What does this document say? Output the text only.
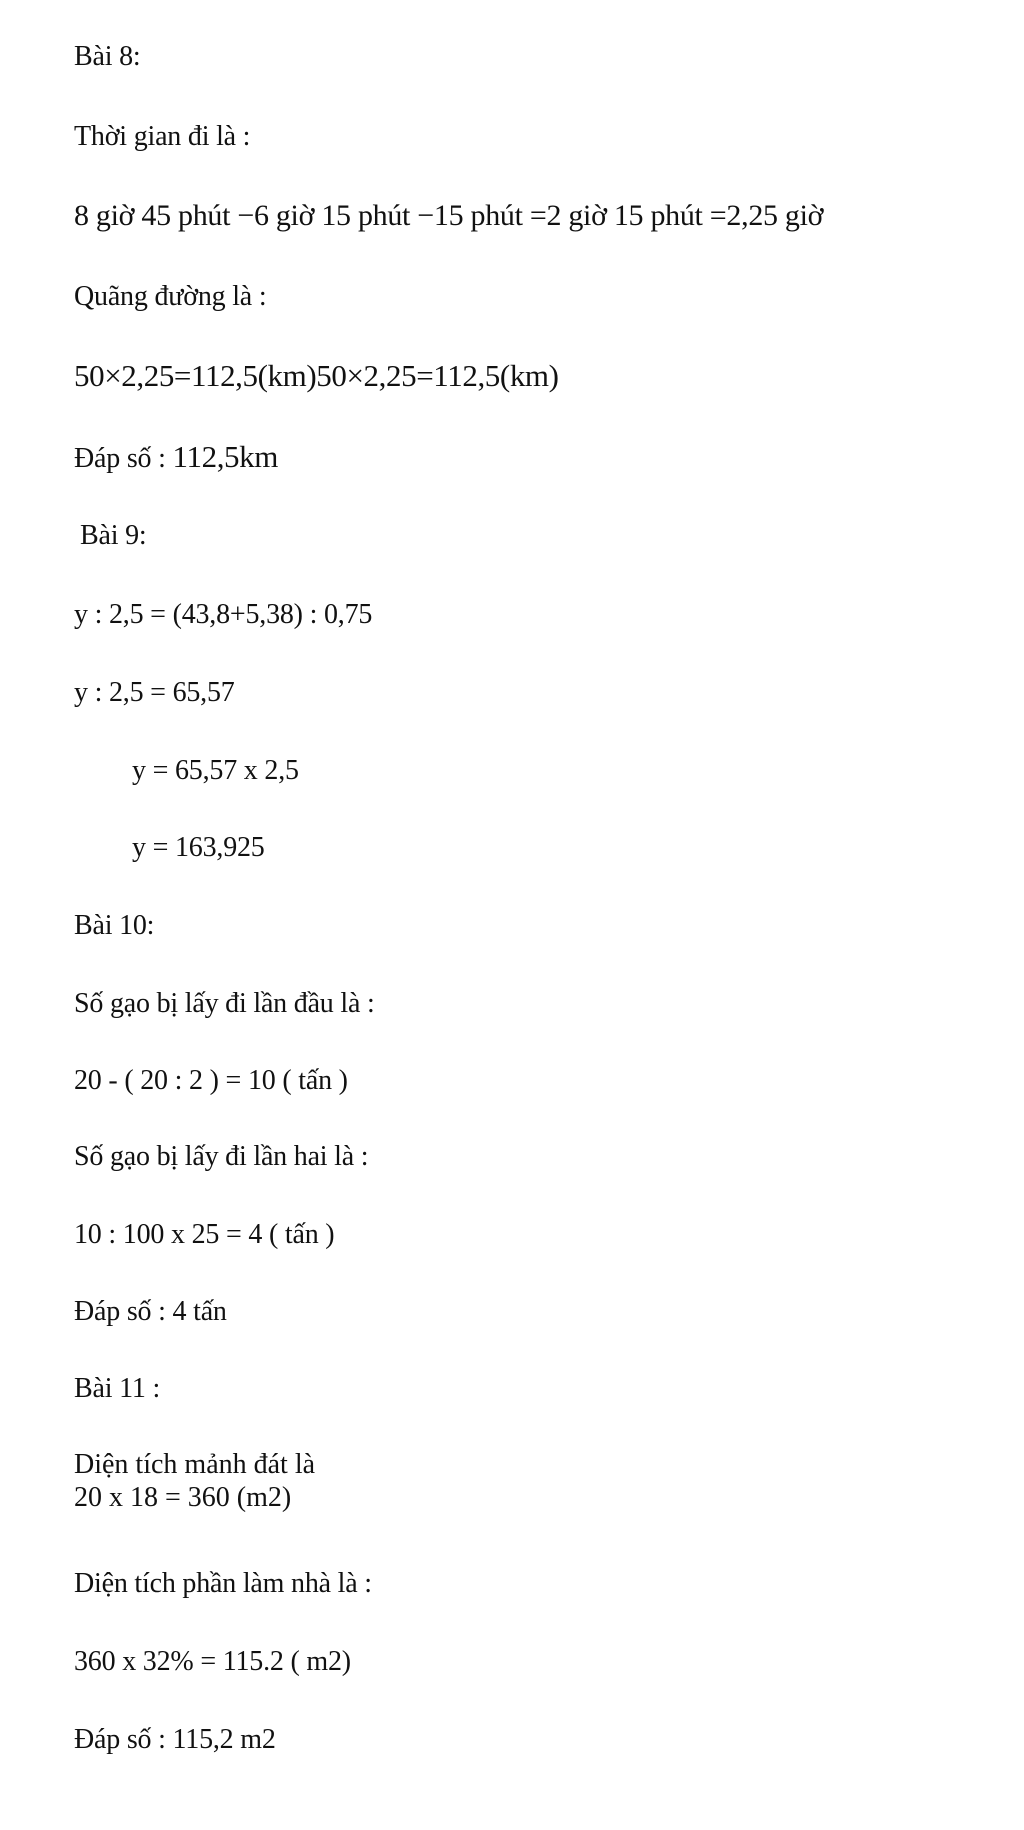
Bài 8:
Thời gian đi là :
8 giờ 45 phút −6 giờ 15 phút −15 phút =2 giờ 15 phút =2,25 giờ
Quãng đường là :
50×2,25=112,5(km)50×2,25=112,5(km)
Đáp số : 112,5km
Bài 9:
y : 2,5 = (43,8+5,38) : 0,75
y : 2,5 = 65,57
y = 65,57 x 2,5
y = 163,925
Bài 10:
Số gạo bị lấy đi lần đầu là :
20 - ( 20 : 2 ) = 10 ( tấn )
Số gạo bị lấy đi lần hai là :
10 : 100 x 25 = 4 ( tấn )
Đáp số : 4 tấn
Bài 11 :
Diện tích mảnh đát là
20 x 18 = 360 (m2)
Diện tích phần làm nhà là :
360 x 32% = 115.2 ( m2)
Đáp số : 115,2 m2
